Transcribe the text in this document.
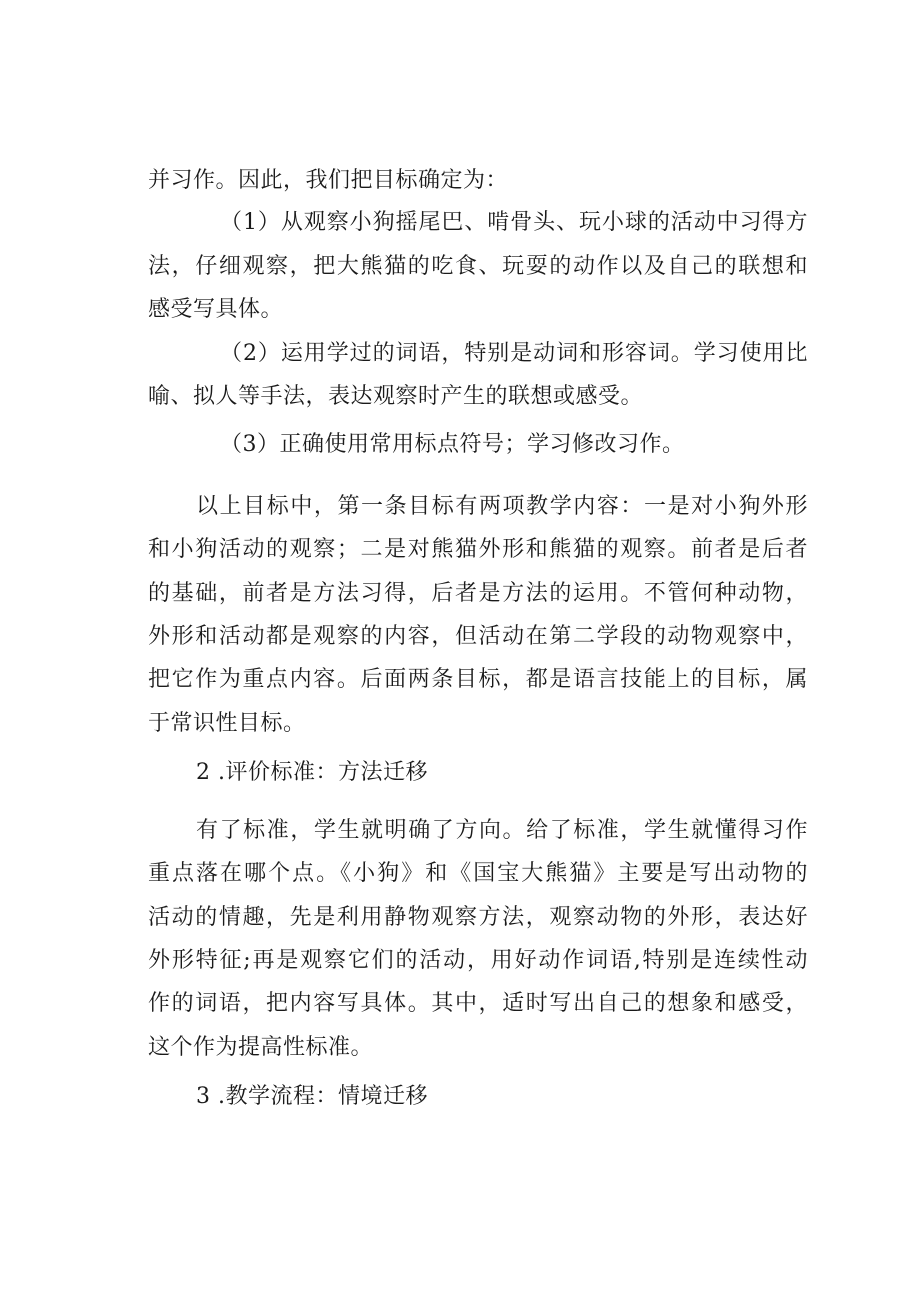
并习作。因此，我们把目标确定为：
（1）从观察小狗摇尾巴、啃骨头、玩小球的活动中习得方
法，仔细观察，把大熊猫的吃食、玩耍的动作以及自己的联想和
感受写具体。
（2）运用学过的词语，特别是动词和形容词。学习使用比
喻、拟人等手法，表达观察时产生的联想或感受。
（3）正确使用常用标点符号；学习修改习作。
以上目标中，第一条目标有两项教学内容：一是对小狗外形
和小狗活动的观察；二是对熊猫外形和熊猫的观察。前者是后者
的基础，前者是方法习得，后者是方法的运用。不管何种动物，
外形和活动都是观察的内容，但活动在第二学段的动物观察中，
把它作为重点内容。后面两条目标，都是语言技能上的目标，属
于常识性目标。
2 .评价标准：方法迁移
有了标准，学生就明确了方向。给了标准，学生就懂得习作
重点落在哪个点。《小狗》和《国宝大熊猫》主要是写出动物的
活动的情趣，先是利用静物观察方法，观察动物的外形，表达好
外形特征;再是观察它们的活动，用好动作词语,特别是连续性动
作的词语，把内容写具体。其中，适时写出自己的想象和感受，
这个作为提高性标准。
3 .教学流程：情境迁移
